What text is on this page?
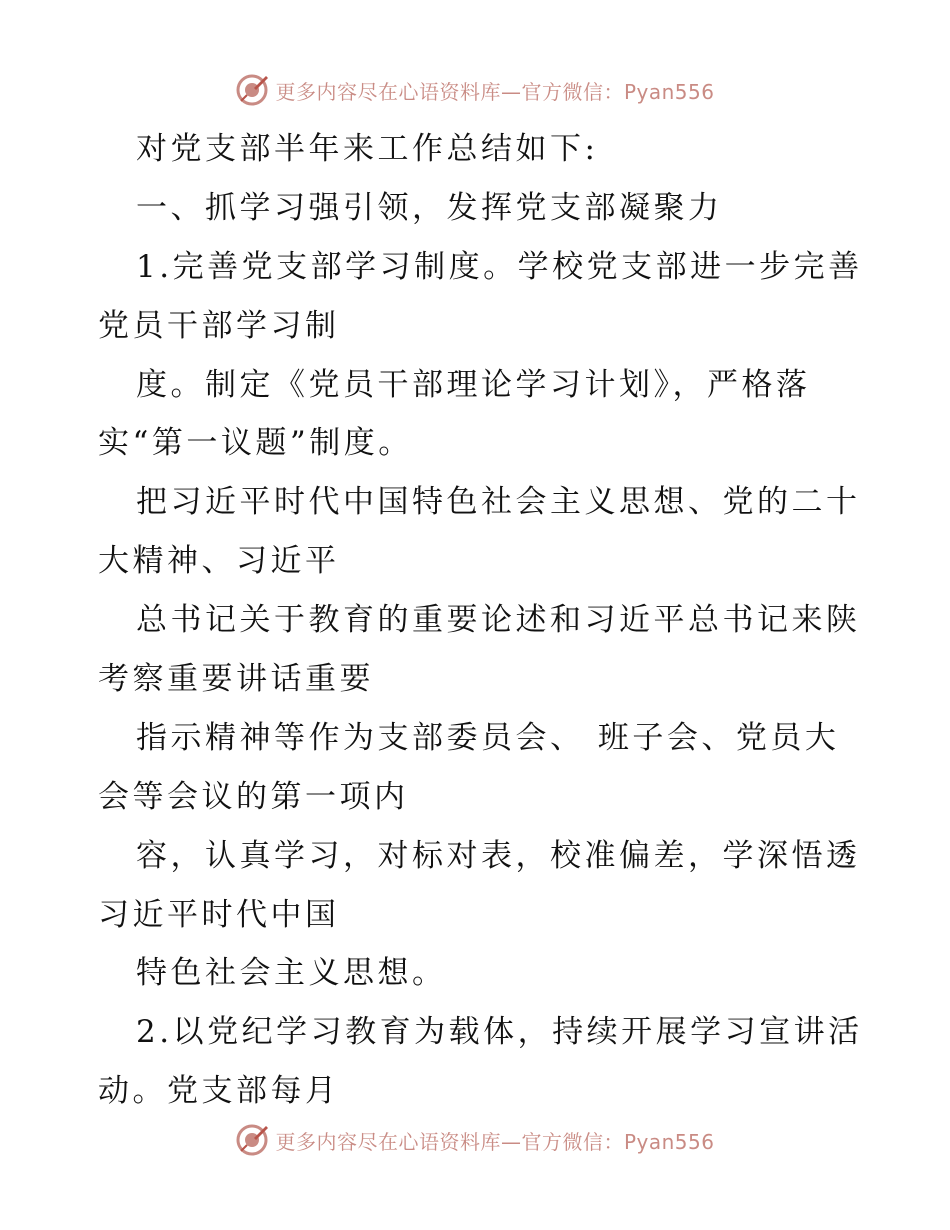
更多内容尽在心语资料库—官方微信：Pyan556
对党支部半年来工作总结如下:
一、抓学习强引领，发挥党支部凝聚力
1.完善党支部学习制度。学校党支部进一步完善
党员干部学习制
度。制定《党员干部理论学习计划》，严格落
实“第一议题”制度。
把习近平时代中国特色社会主义思想、党的二十
大精神、习近平
总书记关于教育的重要论述和习近平总书记来陕
考察重要讲话重要
指示精神等作为支部委员会、 班子会、党员大
会等会议的第一项内
容，认真学习，对标对表，校准偏差，学深悟透
习近平时代中国
特色社会主义思想。
2.以党纪学习教育为载体，持续开展学习宣讲活
动。党支部每月
更多内容尽在心语资料库—官方微信：Pyan556
